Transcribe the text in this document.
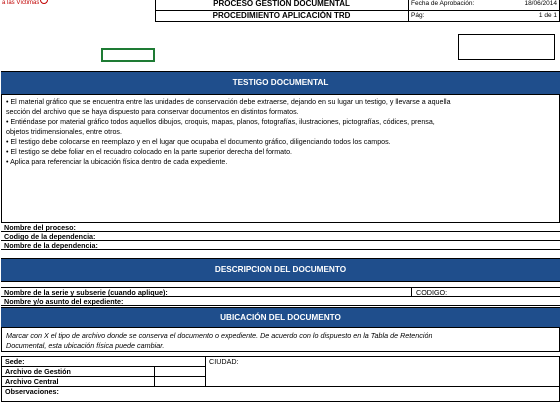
a las Víctimas	PROCESO GESTION DOCUMENTAL
PROCEDIMIENTO APLICACIÓN TRD
Fecha de Aprobación:	18/06/2014
Pág:	1 de 1
TESTIGO DOCUMENTAL
• El material gráfico que se encuentra entre las unidades de conservación debe extraerse, dejando en su lugar un testigo, y llevarse a aquella
sección del archivo que se haya dispuesto para conservar documentos en distintos formatos.
• Entiéndase por material gráfico todos aquellos dibujos, croquis, mapas, planos, fotografías, ilustraciones, pictografías, códices, prensa,
objetos tridimensionales, entre otros.
• El testigo debe colocarse en reemplazo y en el lugar que ocupaba el documento gráfico, diligenciando todos los campos.
• El testigo se debe foliar en el recuadro colocado en la parte superior derecha del formato.
• Aplica para referenciar la ubicación física dentro de cada expediente.
Nombre del proceso:
Codigo de la dependencia:
Nombre de la dependencia:
DESCRIPCION DEL DOCUMENTO
Nombre de la serie y subserie (cuando aplique):	CODIGO:
Nombre y/o asunto del expediente:
UBICACIÓN DEL DOCUMENTO
Marcar con X el tipo de archivo donde se conserva el documento o expediente. De acuerdo con lo dispuesto en la Tabla de Retención
Documental, esta ubicación física puede cambiar.
Sede:	CIUDAD:
Archivo de Gestión
Archivo Central
Observaciones:
